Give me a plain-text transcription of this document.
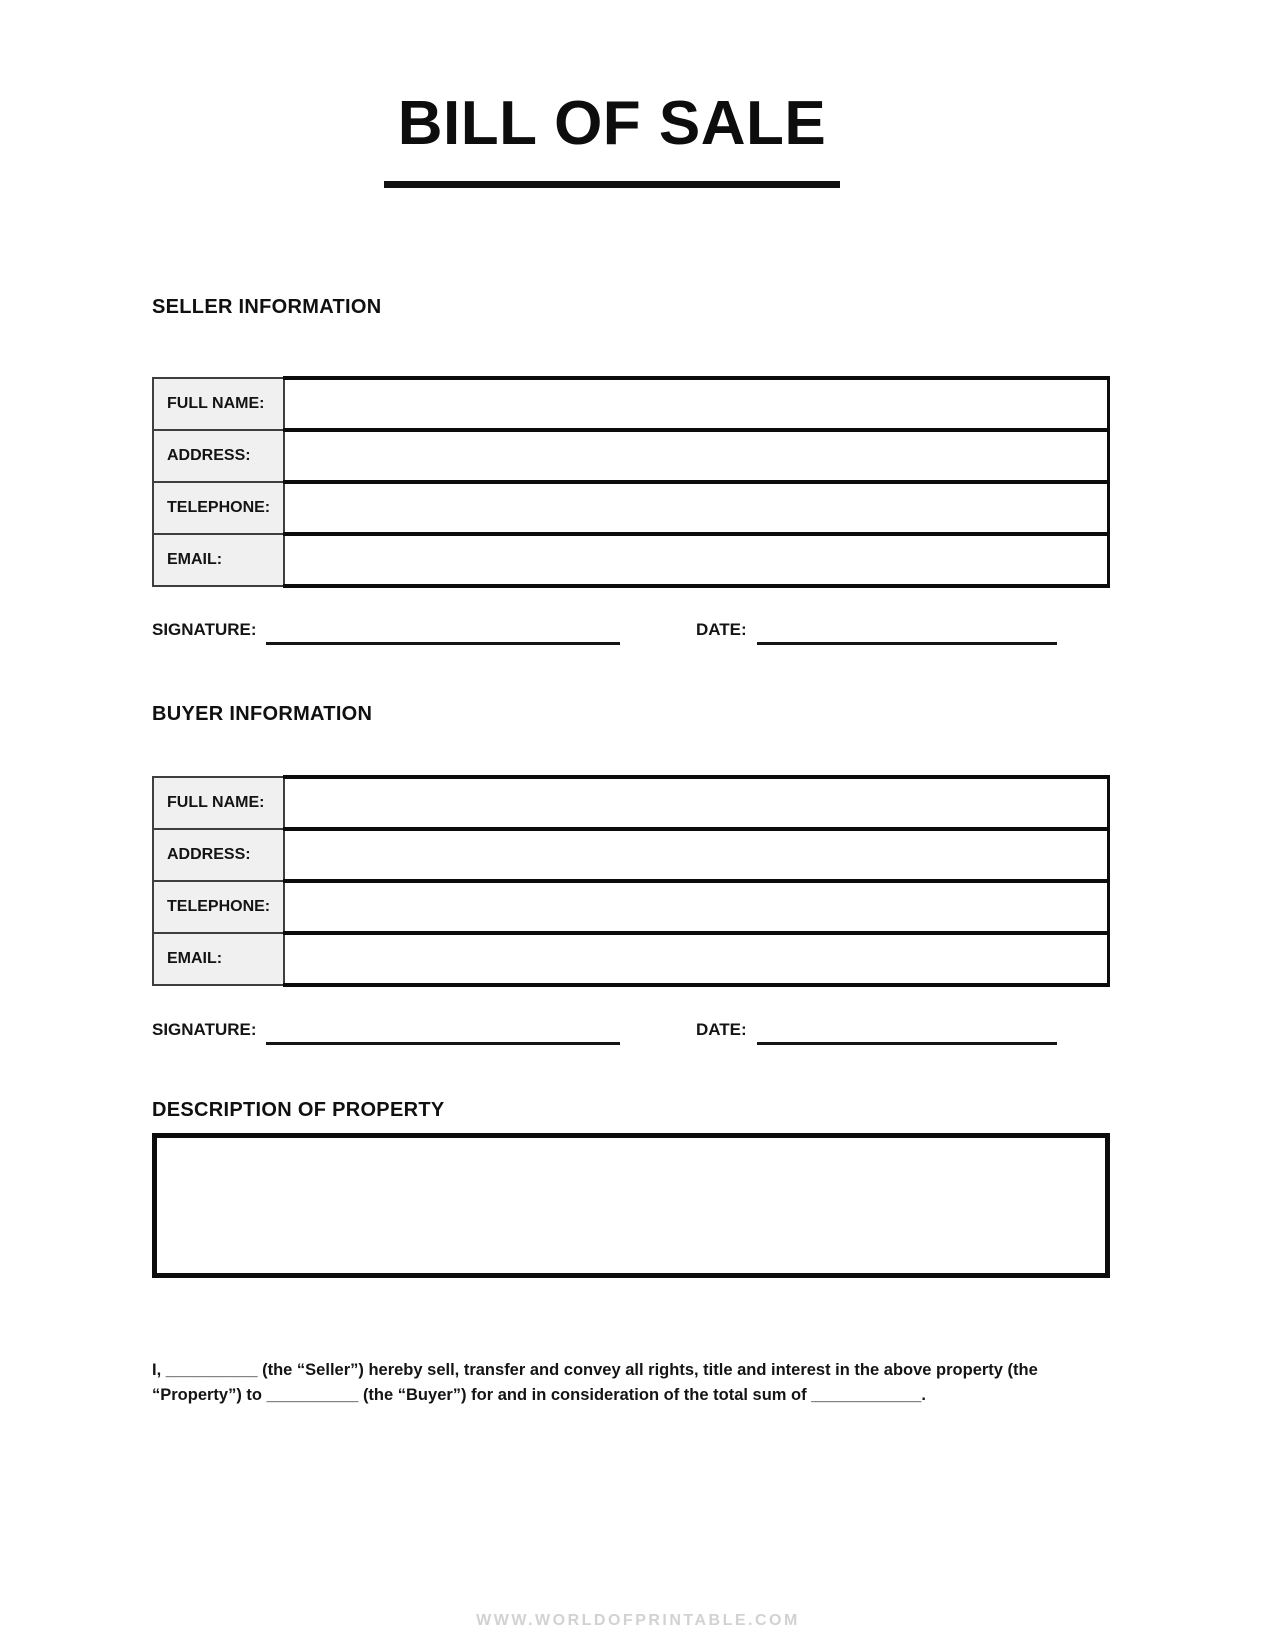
BILL OF SALE
SELLER INFORMATION
FULL NAME:	
ADDRESS:	
TELEPHONE:	
EMAIL:	
SIGNATURE:	DATE:
BUYER INFORMATION
FULL NAME:	
ADDRESS:	
TELEPHONE:	
EMAIL:	
SIGNATURE:	DATE:
DESCRIPTION OF PROPERTY

I, __________ (the “Seller”) hereby sell, transfer and convey all rights, title and interest in the above property (the “Property”) to __________ (the “Buyer”) for and in consideration of the total sum of ____________.

WWW.WORLDOFPRINTABLE.COM
